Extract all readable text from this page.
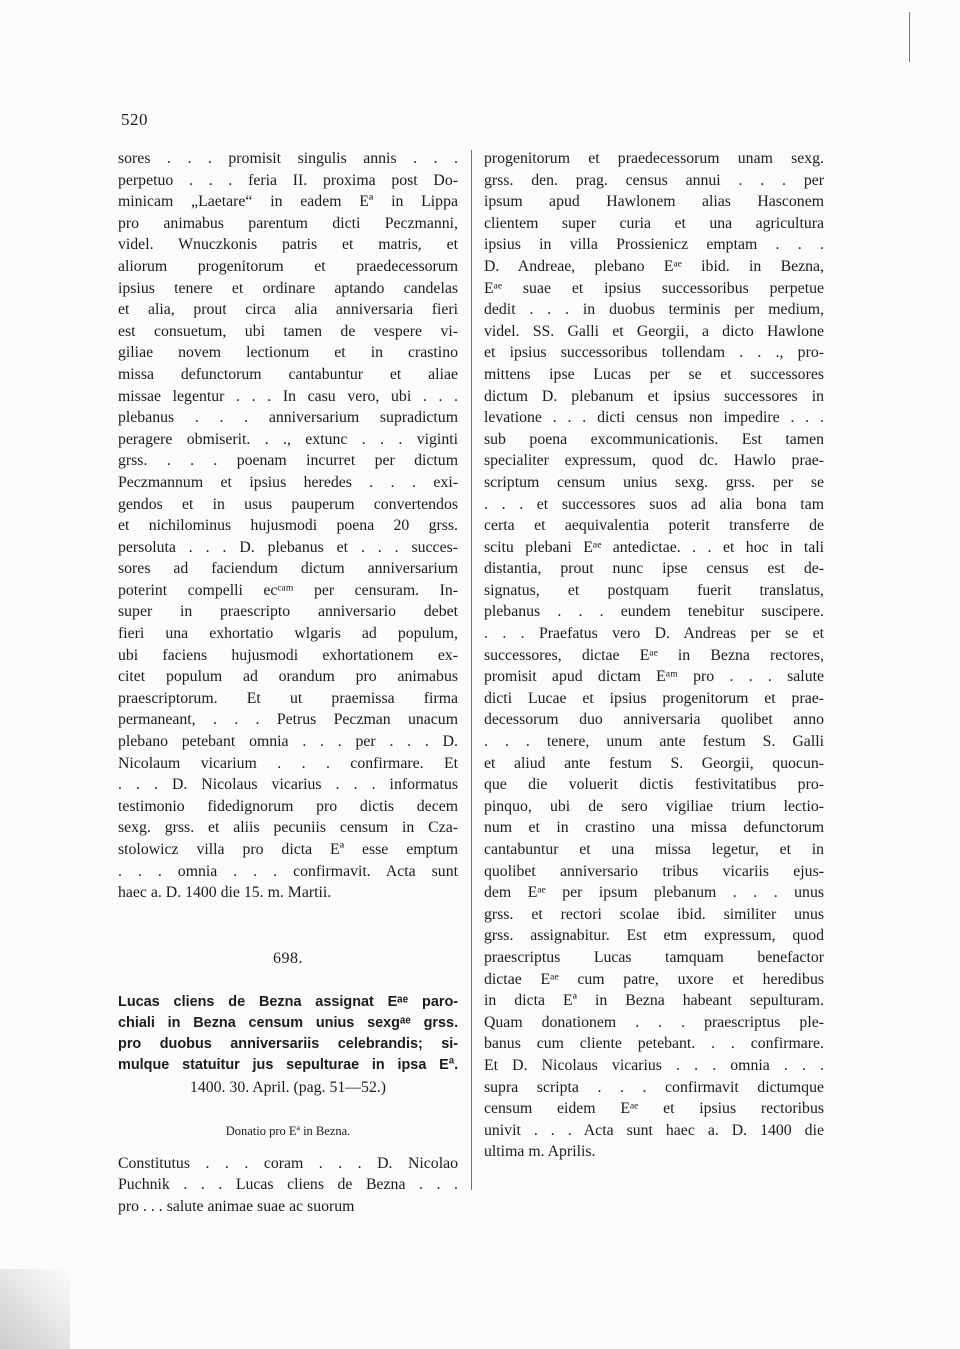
520
sores . . . promisit singulis annis . . .
perpetuo . . . feria II. proxima post Do-
minicam „Laetare“ in eadem Eª in Lippa
pro animabus parentum dicti Peczmanni,
videl. Wnuczkonis patris et matris, et
aliorum progenitorum et praedecessorum
ipsius tenere et ordinare aptando candelas
et alia, prout circa alia anniversaria fieri
est consuetum, ubi tamen de vespere vi-
giliae novem lectionum et in crastino
missa defunctorum cantabuntur et aliae
missae legentur . . . In casu vero, ubi . . .
plebanus . . . anniversarium supradictum
peragere obmiserit. . ., extunc . . . viginti
grss. . . . poenam incurret per dictum
Peczmannum et ipsius heredes . . . exi-
gendos et in usus pauperum convertendos
et nichilominus hujusmodi poena 20 grss.
persoluta . . . D. plebanus et . . . succes-
sores ad faciendum dictum anniversarium
poterint compelli ecᶜᵃᵐ per censuram. In-
super in praescripto anniversario debet
fieri una exhortatio wlgaris ad populum,
ubi faciens hujusmodi exhortationem ex-
citet populum ad orandum pro animabus
praescriptorum. Et ut praemissa firma
permaneant, . . . Petrus Peczman unacum
plebano petebant omnia . . . per . . . D.
Nicolaum vicarium . . . confirmare. Et
. . . D. Nicolaus vicarius . . . informatus
testimonio fidedignorum pro dictis decem
sexg. grss. et aliis pecuniis censum in Cza-
stolowicz villa pro dicta Eª esse emptum
. . . omnia . . . confirmavit. Acta sunt
haec a. D. 1400 die 15. m. Martii.
698.
Lucas cliens de Bezna assignat Eᵃᵉ paro-
chiali in Bezna censum unius sexgᵃᵉ grss.
pro duobus anniversariis celebrandis; si-
mulque statuitur jus sepulturae in ipsa Eª.
1400. 30. April. (pag. 51—52.)
Donatio pro Eª in Bezna.
Constitutus . . . coram . . . D. Nicolao
Puchnik . . . Lucas cliens de Bezna . . .
pro . . . salute animae suae ac suorum
progenitorum et praedecessorum unam sexg.
grss. den. prag. census annui . . . per
ipsum apud Hawlonem alias Hasconem
clientem super curia et una agricultura
ipsius in villa Prossienicz emptam . . .
D. Andreae, plebano Eᵃᵉ ibid. in Bezna,
Eᵃᵉ suae et ipsius successoribus perpetue
dedit . . . in duobus terminis per medium,
videl. SS. Galli et Georgii, a dicto Hawlone
et ipsius successoribus tollendam . . ., pro-
mittens ipse Lucas per se et successores
dictum D. plebanum et ipsius successores in
levatione . . . dicti census non impedire . . .
sub poena excommunicationis. Est tamen
specialiter expressum, quod dc. Hawlo prae-
scriptum censum unius sexg. grss. per se
. . . et successores suos ad alia bona tam
certa et aequivalentia poterit transferre de
scitu plebani Eᵃᵉ antedictae. . . et hoc in tali
distantia, prout nunc ipse census est de-
signatus, et postquam fuerit translatus,
plebanus . . . eundem tenebitur suscipere.
. . . Praefatus vero D. Andreas per se et
successores, dictae Eᵃᵉ in Bezna rectores,
promisit apud dictam Eᵃᵐ pro . . . salute
dicti Lucae et ipsius progenitorum et prae-
decessorum duo anniversaria quolibet anno
. . . tenere, unum ante festum S. Galli
et aliud ante festum S. Georgii, quocun-
que die voluerit dictis festivitatibus pro-
pinquo, ubi de sero vigiliae trium lectio-
num et in crastino una missa defunctorum
cantabuntur et una missa legetur, et in
quolibet anniversario tribus vicariis ejus-
dem Eᵃᵉ per ipsum plebanum . . . unus
grss. et rectori scolae ibid. similiter unus
grss. assignabitur. Est etm expressum, quod
praescriptus Lucas tamquam benefactor
dictae Eᵃᵉ cum patre, uxore et heredibus
in dicta Eª in Bezna habeant sepulturam.
Quam donationem . . . praescriptus ple-
banus cum cliente petebant. . . confirmare.
Et D. Nicolaus vicarius . . . omnia . . .
supra scripta . . . confirmavit dictumque
censum eidem Eᵃᵉ et ipsius rectoribus
univit . . . Acta sunt haec a. D. 1400 die
ultima m. Aprilis.
